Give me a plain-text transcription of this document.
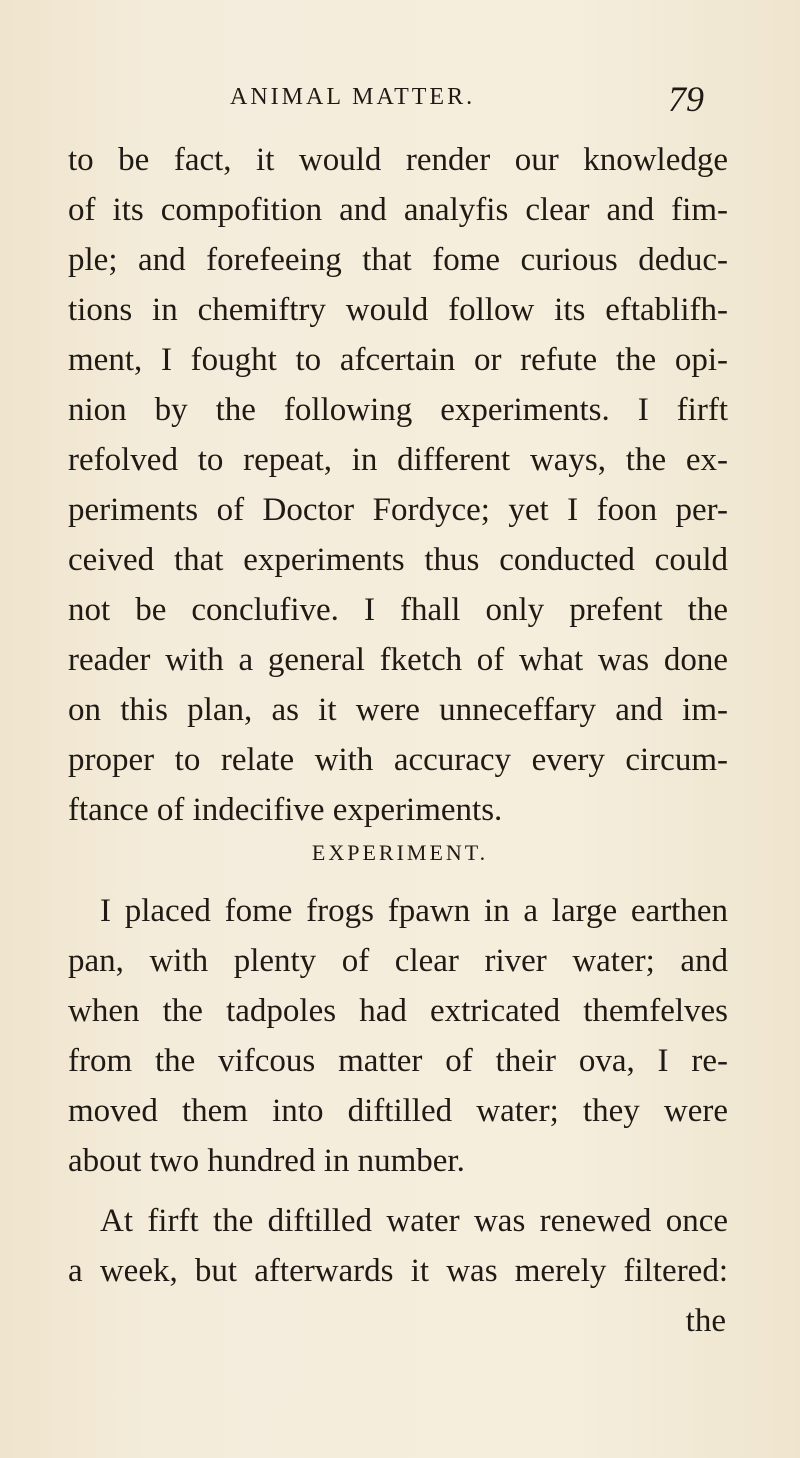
ANIMAL MATTER.	79
to be fact, it would render our knowledge
of its compofition and analyfis clear and fim-
ple; and forefeeing that fome curious deduc-
tions in chemiftry would follow its eftablifh-
ment, I fought to afcertain or refute the opi-
nion by the following experiments. I firft
refolved to repeat, in different ways, the ex-
periments of Doctor Fordyce; yet I foon per-
ceived that experiments thus conducted could
not be conclufive. I fhall only prefent the
reader with a general fketch of what was done
on this plan, as it were unneceffary and im-
proper to relate with accuracy every circum-
ftance of indecifive experiments.
EXPERIMENT.
I placed fome frogs fpawn in a large earthen
pan, with plenty of clear river water; and
when the tadpoles had extricated themfelves
from the vifcous matter of their ova, I re-
moved them into diftilled water; they were
about two hundred in number.
At firft the diftilled water was renewed once
a week, but afterwards it was merely filtered:
the
